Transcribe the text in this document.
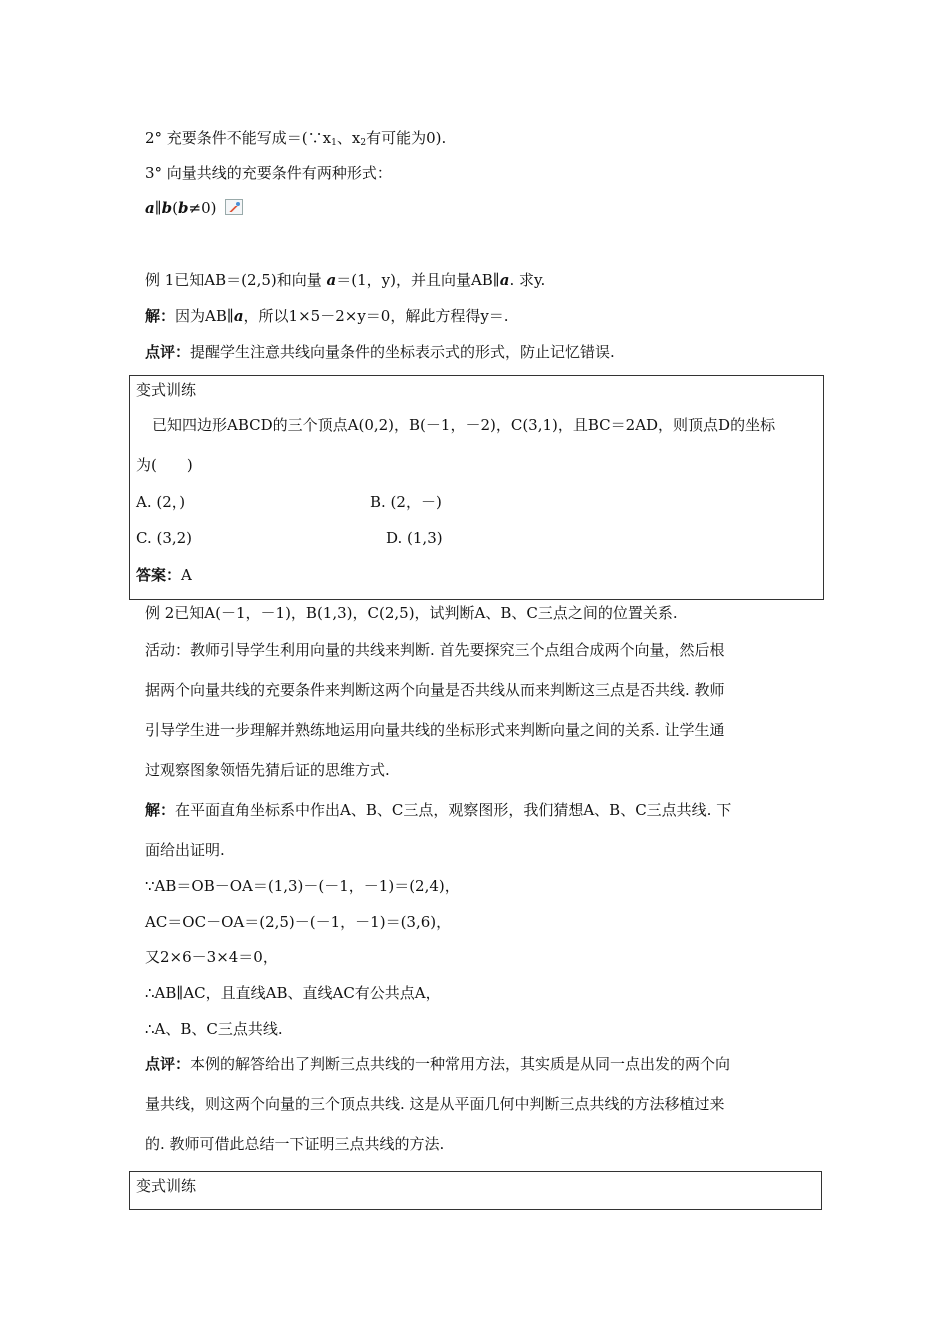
2° 充要条件不能写成$=(\because x_1$、$x_2$有可能为0).
3° 向量共线的充要条件有两种形式：
a∥b(b≠0)
例 1已知AB＝(2,5)和向量 a＝(1，y)，并且向量AB∥a. 求y.
解：因为AB∥a，所以1×5－2×y＝0，解此方程得y＝.
点评：提醒学生注意共线向量条件的坐标表示式的形式，防止记忆错误.
变式训练
已知四边形ABCD的三个顶点A(0,2)，B(－1，－2)，C(3,1)，且BC＝2AD，则顶点D的坐标
为(　　)
A. (2，)	B. (2，－)
C. (3,2)	D. (1,3)
答案：A
例 2已知A(－1，－1)，B(1,3)，C(2,5)，试判断A、B、C三点之间的位置关系.
活动：教师引导学生利用向量的共线来判断. 首先要探究三个点组合成两个向量，然后根
据两个向量共线的充要条件来判断这两个向量是否共线从而来判断这三点是否共线. 教师
引导学生进一步理解并熟练地运用向量共线的坐标形式来判断向量之间的关系. 让学生通
过观察图象领悟先猜后证的思维方式.
解：在平面直角坐标系中作出A、B、C三点，观察图形，我们猜想A、B、C三点共线. 下
面给出证明.
∵AB＝OB－OA＝(1,3)－(－1，－1)＝(2,4)，
AC＝OC－OA＝(2,5)－(－1，－1)＝(3,6)，
又2×6－3×4＝0，
∴AB∥AC，且直线AB、直线AC有公共点A，
∴A、B、C三点共线.
点评：本例的解答给出了判断三点共线的一种常用方法，其实质是从同一点出发的两个向
量共线，则这两个向量的三个顶点共线. 这是从平面几何中判断三点共线的方法移植过来
的. 教师可借此总结一下证明三点共线的方法.
变式训练
